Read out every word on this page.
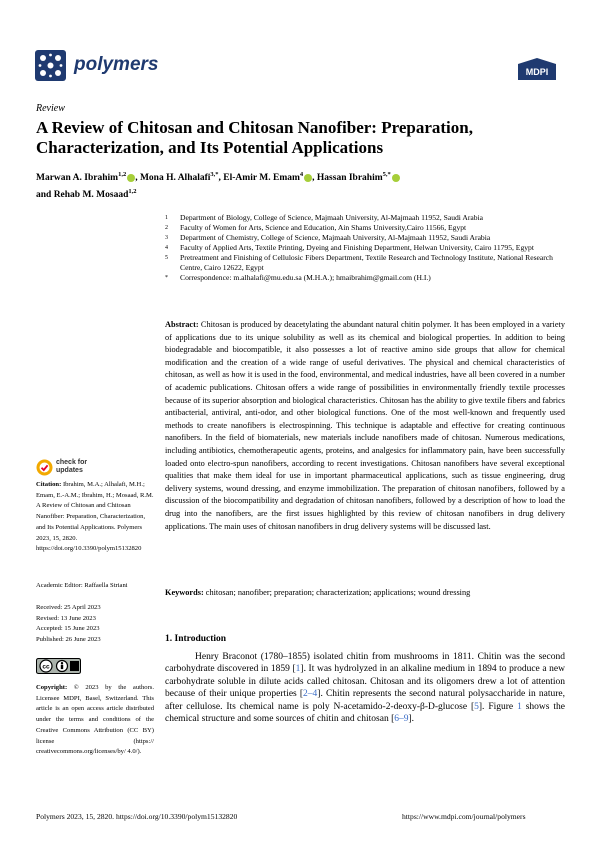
polymers	MDPI
Review
A Review of Chitosan and Chitosan Nanofiber: Preparation, Characterization, and Its Potential Applications
Marwan A. Ibrahim$^{1,2}$ , Mona H. Alhalafi$^{3,*}$, El-Amir M. Emam$^4$ , Hassan Ibrahim$^{5,*}$
and Rehab M. Mosaad$^{1,2}$
1	Department of Biology, College of Science, Majmaah University, Al-Majmaah 11952, Saudi Arabia
2	Faculty of Women for Arts, Science and Education, Ain Shams University,Cairo 11566, Egypt
3	Department of Chemistry, College of Science, Majmaah University, Al-Majmaah 11952, Saudi Arabia
4	Faculty of Applied Arts, Textile Printing, Dyeing and Finishing Department, Helwan University, Cairo 11795, Egypt
5	Pretreatment and Finishing of Cellulosic Fibers Department, Textile Research and Technology Institute, National Research Centre, Cairo 12622, Egypt
*	Correspondence: m.alhalafi@mu.edu.sa (M.H.A.); hmaibrahim@gmail.com (H.I.)
Abstract: Chitosan is produced by deacetylating the abundant natural chitin polymer. It has been employed in a variety of applications due to its unique solubility as well as its chemical and biological properties. In addition to being biodegradable and biocompatible, it also possesses a lot of reactive amino side groups that allow for chemical modification and the creation of a wide range of useful derivatives. The physical and chemical characteristics of chitosan, as well as how it is used in the food, environmental, and medical industries, have all been covered in a number of academic publications. Chitosan offers a wide range of possibilities in environmentally friendly textile processes because of its superior absorption and biological characteristics. Chitosan has the ability to give textile fibers and fabrics antibacterial, antiviral, anti-odor, and other biological functions. One of the most well-known and frequently used methods to create nanofibers is electrospinning. This technique is adaptable and effective for creating continuous nanofibers. In the field of biomaterials, new materials include nanofibers made of chitosan. Numerous medications, including antibiotics, chemotherapeutic agents, proteins, and analgesics for inflammatory pain, have been successfully loaded onto electro-spun nanofibers, according to recent investigations. Chitosan nanofibers have several exceptional qualities that make them ideal for use in important pharmaceutical applications, such as tissue engineering, drug delivery systems, wound dressing, and enzyme immobilization. The preparation of chitosan nanofibers, followed by a discussion of the biocompatibility and degradation of chitosan nanofibers, followed by a description of how to load the drug into the nanofibers, are the first issues highlighted by this review of chitosan nanofibers in drug delivery applications. The main uses of chitosan nanofibers in drug delivery systems will be discussed last.
Keywords: chitosan; nanofiber; preparation; characterization; applications; wound dressing
1. Introduction
Henry Braconot (1780–1855) isolated chitin from mushrooms in 1811. Chitin was the second carbohydrate discovered in 1859 [1]. It was hydrolyzed in an alkaline medium in 1894 to produce a new carbohydrate soluble in dilute acids called chitosan. Chitosan and its oligomers drew a lot of attention because of their unique properties [2–4]. Chitin represents the second natural polysaccharide in nature, after cellulose. Its chemical name is poly N-acetamido-2-deoxy-β-D-glucose [5]. Figure 1 shows the chemical structure and some sources of chitin and chitosan [6–9].
check for
updates
Citation: Ibrahim, M.A.; Alhalafi, M.H.; Emam, E.-A.M.; Ibrahim, H.; Mosaad, R.M. A Review of Chitosan and Chitosan Nanofiber: Preparation, Characterization, and Its Potential Applications. Polymers 2023, 15, 2820. https://doi.org/10.3390/polym15132820
Academic Editor: Raffaella Striani
Received: 25 April 2023
Revised: 13 June 2023
Accepted: 15 June 2023
Published: 26 June 2023
cc
Copyright: © 2023 by the authors. Licensee MDPI, Basel, Switzerland. This article is an open access article distributed under the terms and conditions of the Creative Commons Attribution (CC BY) license (https:// creativecommons.org/licenses/by/ 4.0/).
Polymers 2023, 15, 2820. https://doi.org/10.3390/polym15132820	https://www.mdpi.com/journal/polymers
